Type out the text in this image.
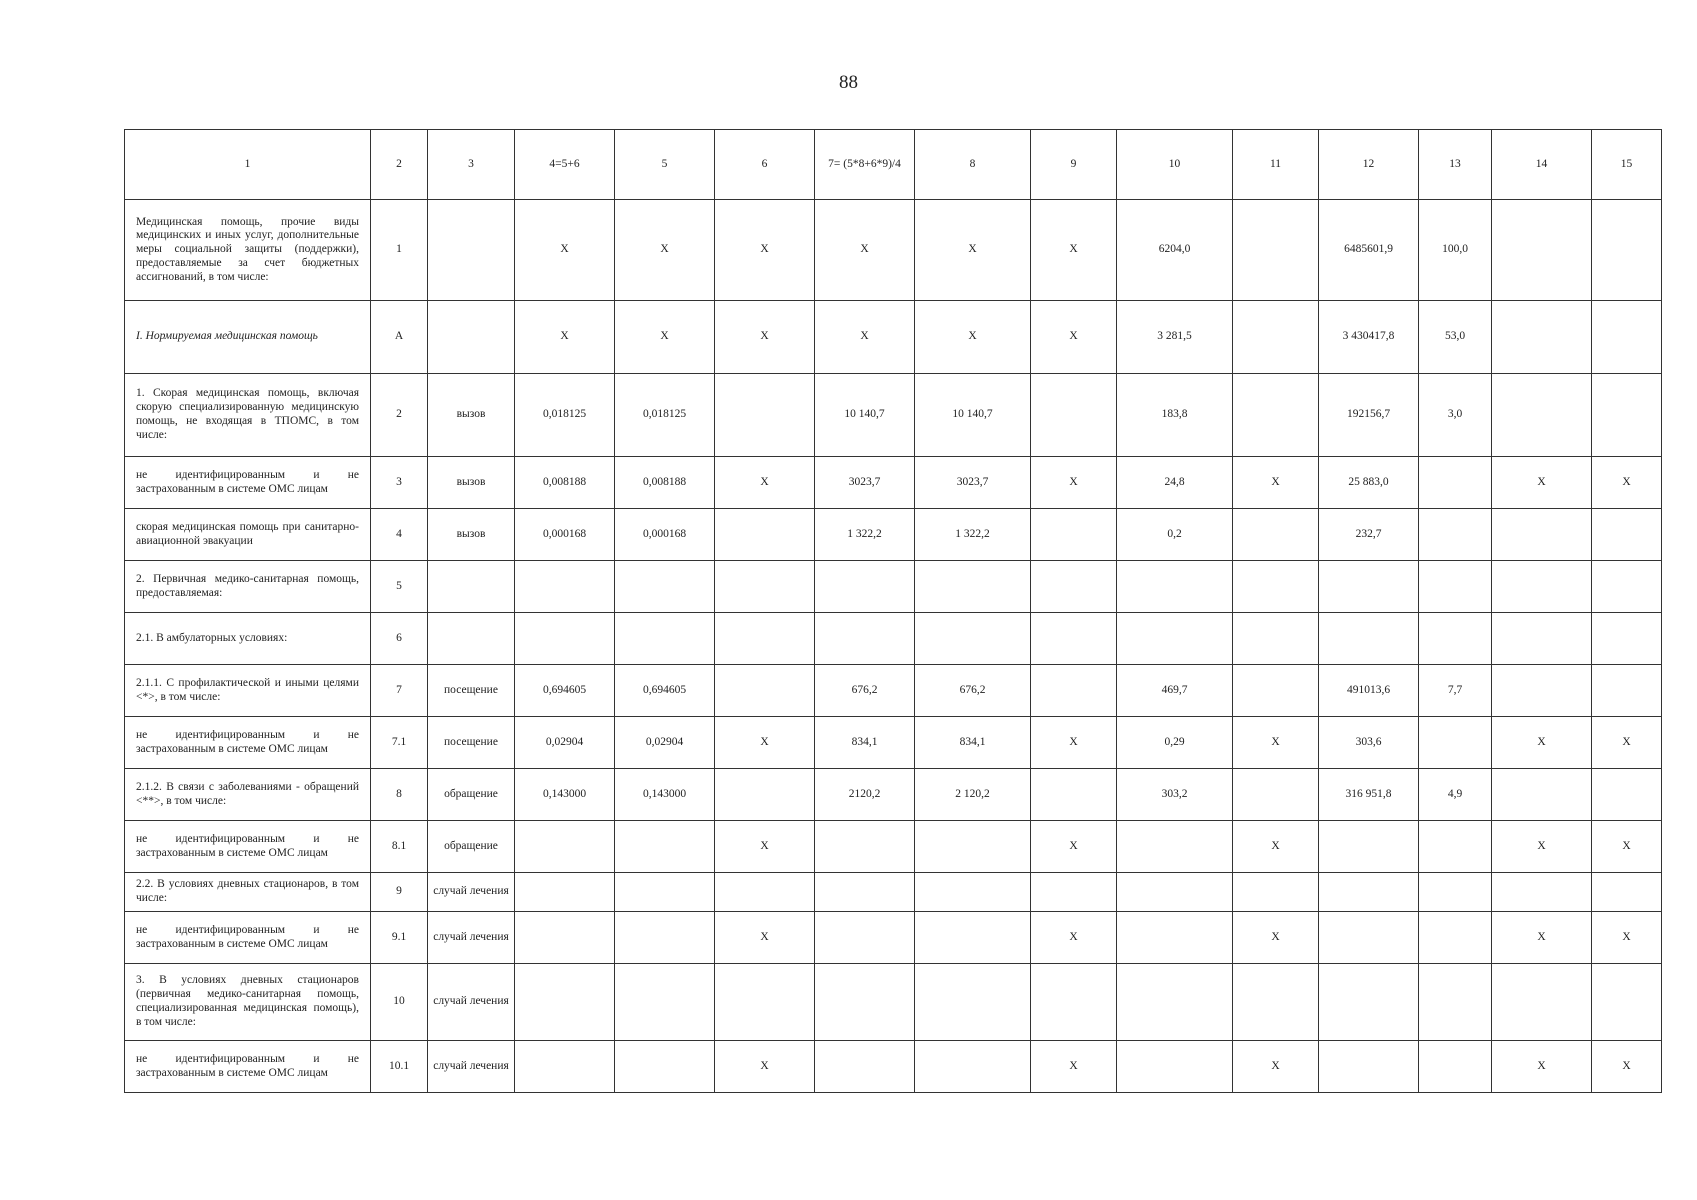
88
1	2	3	4=5+6	5	6	7= (5*8+6*9)/4	8	9	10	11	12	13	14	15
Медицинская помощь, прочие виды медицинских и иных услуг, дополнительные меры социальной защиты (поддержки), предоставляемые за счет бюджетных ассигнований, в том числе:	1		Х	Х	Х	Х	Х	Х	6204,0		6485601,9	100,0		
I. Нормируемая медицинская помощь	А		Х	Х	Х	Х	Х	Х	3 281,5		3 430417,8	53,0		
1. Скорая медицинская помощь, включая скорую специализированную медицинскую помощь, не входящая в ТПОМС, в том числе:	2	вызов	0,018125	0,018125		10 140,7	10 140,7		183,8		192156,7	3,0		
не идентифицированным и не застрахованным в системе ОМС лицам	3	вызов	0,008188	0,008188	Х	3023,7	3023,7	Х	24,8	Х	25 883,0		Х	Х
скорая медицинская помощь при санитарно-авиационной эвакуации	4	вызов	0,000168	0,000168		1 322,2	1 322,2		0,2		232,7			
2. Первичная медико-санитарная помощь, предоставляемая:	5													
2.1. В амбулаторных условиях:	6													
2.1.1. С профилактической и иными целями <*>, в том числе:	7	посещение	0,694605	0,694605		676,2	676,2		469,7		491013,6	7,7		
не идентифицированным и не застрахованным в системе ОМС лицам	7.1	посещение	0,02904	0,02904	Х	834,1	834,1	Х	0,29	Х	303,6		Х	Х
2.1.2. В связи с заболеваниями - обращений <**>, в том числе:	8	обращение	0,143000	0,143000		2120,2	2 120,2		303,2		316 951,8	4,9		
не идентифицированным и не застрахованным в системе ОМС лицам	8.1	обращение			Х			Х		Х			Х	Х
2.2. В условиях дневных стационаров, в том числе:	9	случай лечения												
не идентифицированным и не застрахованным в системе ОМС лицам	9.1	случай лечения			Х			Х		Х			Х	Х
3. В условиях дневных стационаров (первичная медико-санитарная помощь, специализированная медицинская помощь), в том числе:	10	случай лечения												
не идентифицированным и не застрахованным в системе ОМС лицам	10.1	случай лечения			Х			Х		Х			Х	Х
